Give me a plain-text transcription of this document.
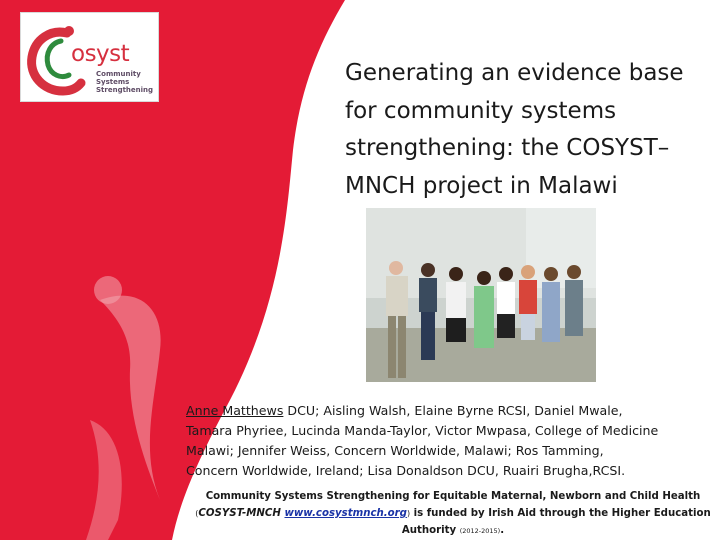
osyst
Community
Systems
Strengthening
Generating an evidence base
for community systems
strengthening: the COSYST–
MNCH project in Malawi
Anne Matthews DCU; Aisling Walsh, Elaine Byrne RCSI, Daniel Mwale,
Tamara Phyriee, Lucinda Manda-Taylor, Victor Mwpasa, College of Medicine
Malawi; Jennifer Weiss, Concern Worldwide, Malawi; Ros Tamming,
Concern Worldwide, Ireland; Lisa Donaldson DCU, Ruairi Brugha,RCSI.
Community Systems Strengthening for Equitable Maternal, Newborn and Child Health
(COSYST-MNCH www.cosystmnch.org) is funded by Irish Aid through the Higher Education
Authority (2012-2015).
